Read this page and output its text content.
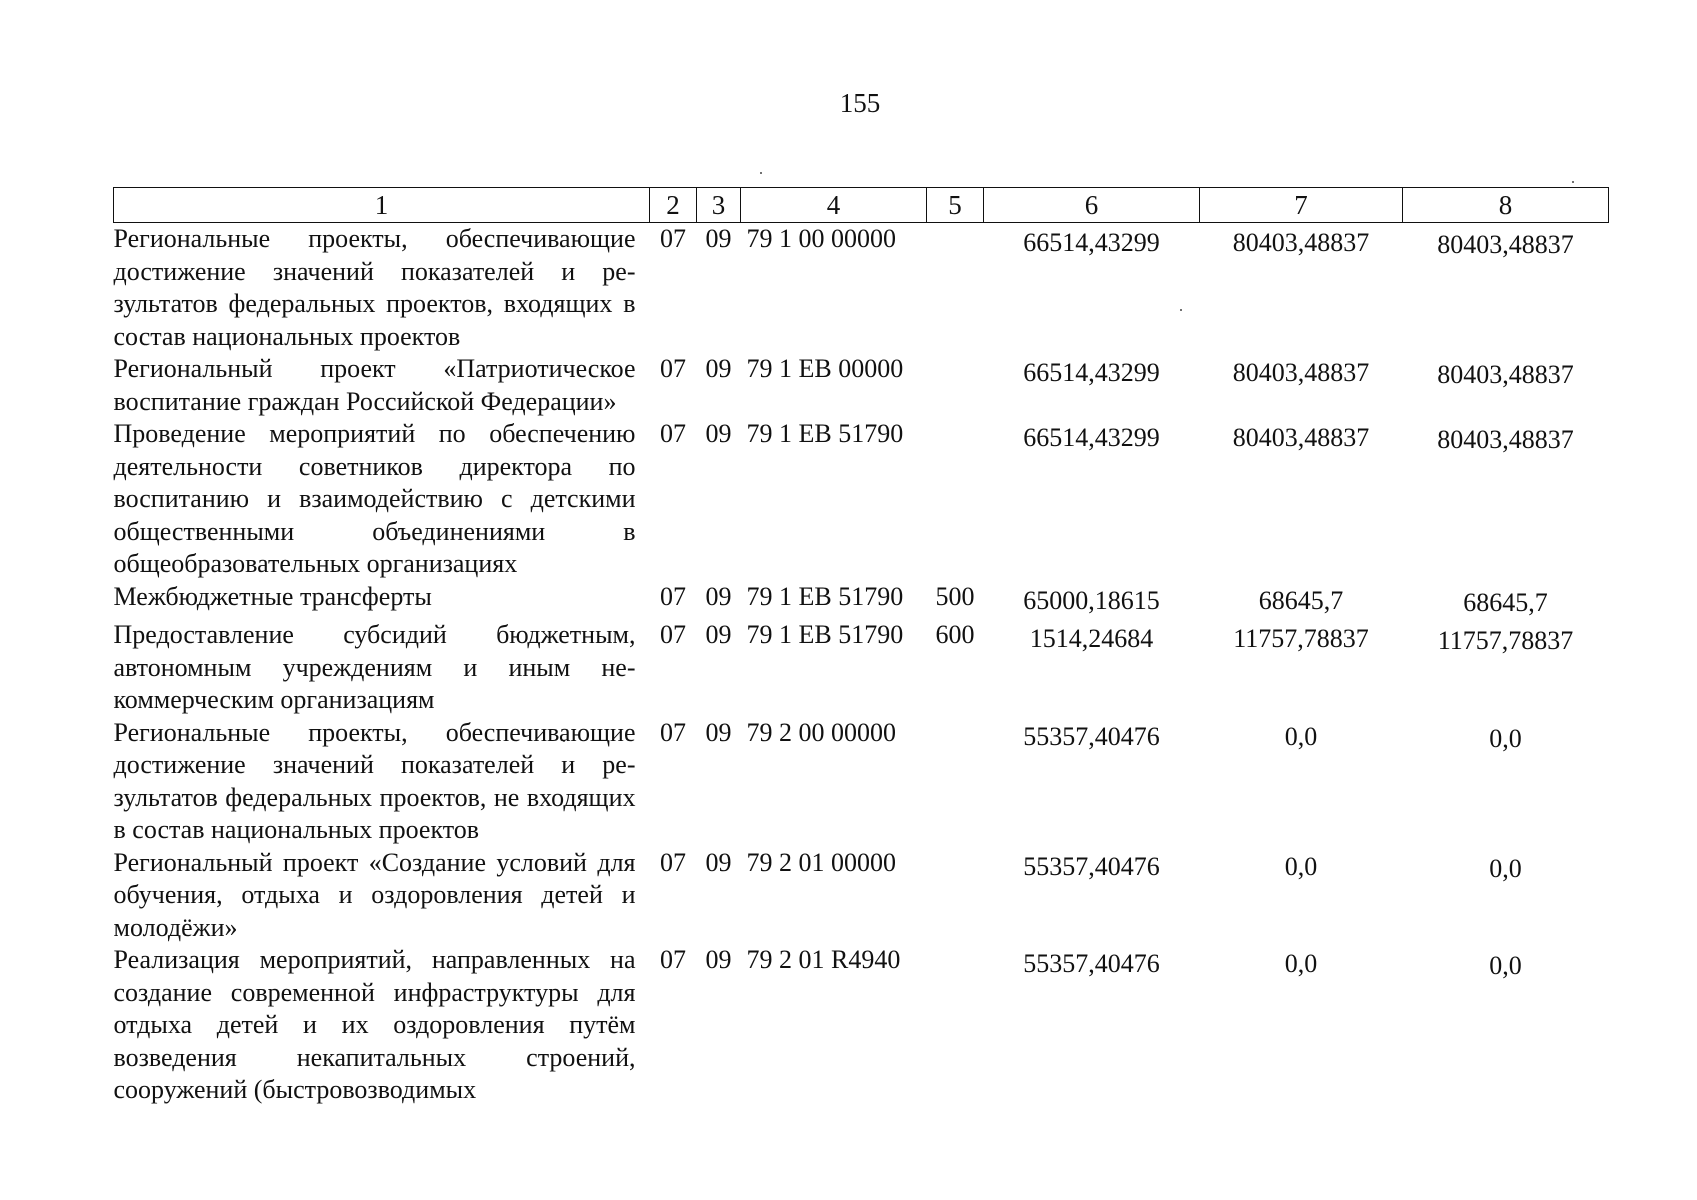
155
1	2	3	4	5	6	7	8
Региональные проекты, обеспечивающие достижение значений показателей и результатов федеральных проектов, входящих в состав национальных проектов	07	09	79 1 00 00000		66514,43299	80403,48837	80403,48837
Региональный проект «Патриотическое воспитание граждан Российской Федерации»	07	09	79 1 ЕВ 00000		66514,43299	80403,48837	80403,48837
Проведение мероприятий по обеспечению деятельности советников директора по воспитанию и взаимодействию с детскими общественными объединениями в общеобразовательных организациях	07	09	79 1 ЕВ 51790		66514,43299	80403,48837	80403,48837
Межбюджетные трансферты	07	09	79 1 ЕВ 51790	500	65000,18615	68645,7	68645,7
Предоставление субсидий бюджетным, автономным учреждениям и иным некоммерческим организациям	07	09	79 1 ЕВ 51790	600	1514,24684	11757,78837	11757,78837
Региональные проекты, обеспечивающие достижение значений показателей и результатов федеральных проектов, не входящих в состав национальных проектов	07	09	79 2 00 00000		55357,40476	0,0	0,0
Региональный проект «Создание условий для обучения, отдыха и оздоровления детей и молодёжи»	07	09	79 2 01 00000		55357,40476	0,0	0,0
Реализация мероприятий, направленных на создание современной инфраструктуры для отдыха детей и их оздоровления путём возведения некапитальных строений, сооружений (быстровозводимых	07	09	79 2 01 R4940		55357,40476	0,0	0,0
